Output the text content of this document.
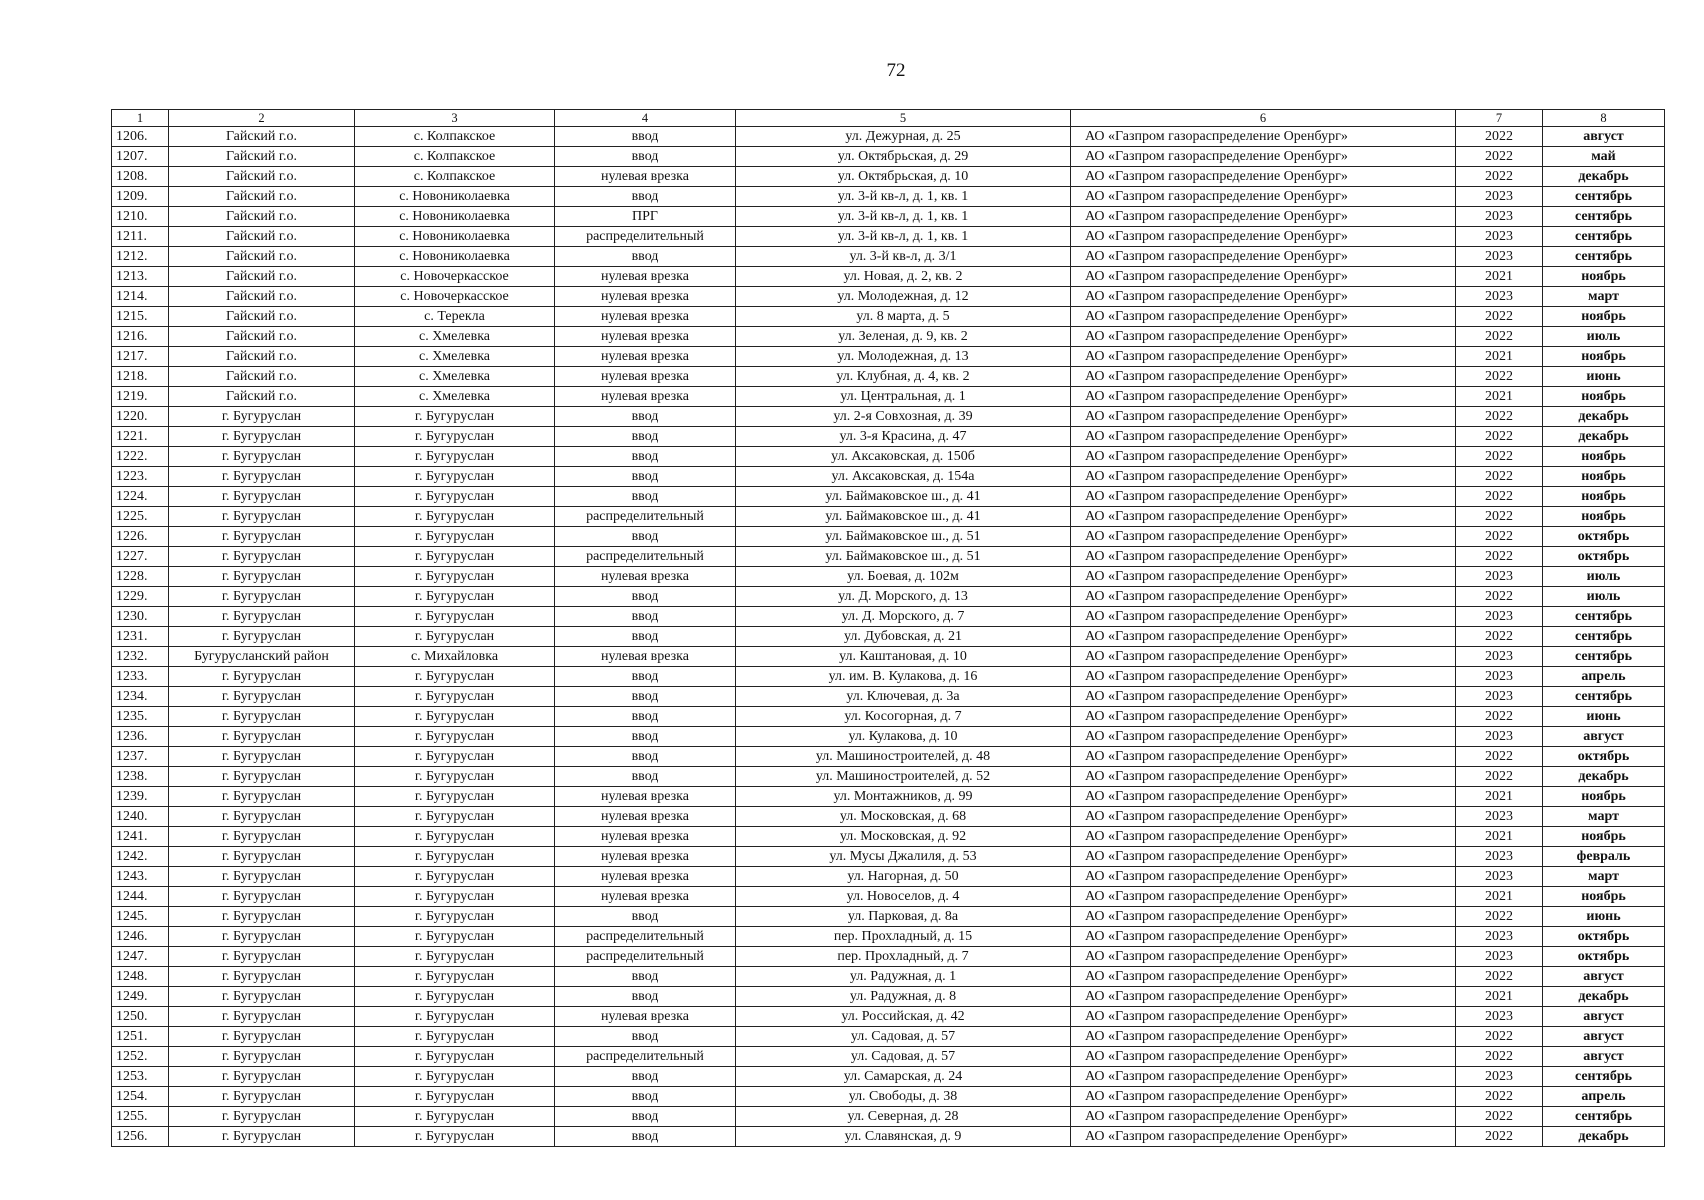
72
1	2	3	4	5	6	7	8
1206.	Гайский г.о.	с. Колпакское	ввод	ул. Дежурная, д. 25	АО «Газпром газораспределение Оренбург»	2022	август
1207.	Гайский г.о.	с. Колпакское	ввод	ул. Октябрьская, д. 29	АО «Газпром газораспределение Оренбург»	2022	май
1208.	Гайский г.о.	с. Колпакское	нулевая врезка	ул. Октябрьская, д. 10	АО «Газпром газораспределение Оренбург»	2022	декабрь
1209.	Гайский г.о.	с. Новониколаевка	ввод	ул. 3-й кв-л, д. 1, кв. 1	АО «Газпром газораспределение Оренбург»	2023	сентябрь
1210.	Гайский г.о.	с. Новониколаевка	ПРГ	ул. 3-й кв-л, д. 1, кв. 1	АО «Газпром газораспределение Оренбург»	2023	сентябрь
1211.	Гайский г.о.	с. Новониколаевка	распределительный	ул. 3-й кв-л, д. 1, кв. 1	АО «Газпром газораспределение Оренбург»	2023	сентябрь
1212.	Гайский г.о.	с. Новониколаевка	ввод	ул. 3-й кв-л, д. 3/1	АО «Газпром газораспределение Оренбург»	2023	сентябрь
1213.	Гайский г.о.	с. Новочеркасское	нулевая врезка	ул. Новая, д. 2, кв. 2	АО «Газпром газораспределение Оренбург»	2021	ноябрь
1214.	Гайский г.о.	с. Новочеркасское	нулевая врезка	ул. Молодежная, д. 12	АО «Газпром газораспределение Оренбург»	2023	март
1215.	Гайский г.о.	с. Терекла	нулевая врезка	ул. 8 марта, д. 5	АО «Газпром газораспределение Оренбург»	2022	ноябрь
1216.	Гайский г.о.	с. Хмелевка	нулевая врезка	ул. Зеленая, д. 9, кв. 2	АО «Газпром газораспределение Оренбург»	2022	июль
1217.	Гайский г.о.	с. Хмелевка	нулевая врезка	ул. Молодежная, д. 13	АО «Газпром газораспределение Оренбург»	2021	ноябрь
1218.	Гайский г.о.	с. Хмелевка	нулевая врезка	ул. Клубная, д. 4, кв. 2	АО «Газпром газораспределение Оренбург»	2022	июнь
1219.	Гайский г.о.	с. Хмелевка	нулевая врезка	ул. Центральная, д. 1	АО «Газпром газораспределение Оренбург»	2021	ноябрь
1220.	г. Бугуруслан	г. Бугуруслан	ввод	ул. 2-я Совхозная, д. 39	АО «Газпром газораспределение Оренбург»	2022	декабрь
1221.	г. Бугуруслан	г. Бугуруслан	ввод	ул. 3-я Красина, д. 47	АО «Газпром газораспределение Оренбург»	2022	декабрь
1222.	г. Бугуруслан	г. Бугуруслан	ввод	ул. Аксаковская, д. 150б	АО «Газпром газораспределение Оренбург»	2022	ноябрь
1223.	г. Бугуруслан	г. Бугуруслан	ввод	ул. Аксаковская, д. 154а	АО «Газпром газораспределение Оренбург»	2022	ноябрь
1224.	г. Бугуруслан	г. Бугуруслан	ввод	ул. Баймаковское ш., д. 41	АО «Газпром газораспределение Оренбург»	2022	ноябрь
1225.	г. Бугуруслан	г. Бугуруслан	распределительный	ул. Баймаковское ш., д. 41	АО «Газпром газораспределение Оренбург»	2022	ноябрь
1226.	г. Бугуруслан	г. Бугуруслан	ввод	ул. Баймаковское ш., д. 51	АО «Газпром газораспределение Оренбург»	2022	октябрь
1227.	г. Бугуруслан	г. Бугуруслан	распределительный	ул. Баймаковское ш., д. 51	АО «Газпром газораспределение Оренбург»	2022	октябрь
1228.	г. Бугуруслан	г. Бугуруслан	нулевая врезка	ул. Боевая, д. 102м	АО «Газпром газораспределение Оренбург»	2023	июль
1229.	г. Бугуруслан	г. Бугуруслан	ввод	ул. Д. Морского, д. 13	АО «Газпром газораспределение Оренбург»	2022	июль
1230.	г. Бугуруслан	г. Бугуруслан	ввод	ул. Д. Морского, д. 7	АО «Газпром газораспределение Оренбург»	2023	сентябрь
1231.	г. Бугуруслан	г. Бугуруслан	ввод	ул. Дубовская, д. 21	АО «Газпром газораспределение Оренбург»	2022	сентябрь
1232.	Бугурусланский район	с. Михайловка	нулевая врезка	ул. Каштановая, д. 10	АО «Газпром газораспределение Оренбург»	2023	сентябрь
1233.	г. Бугуруслан	г. Бугуруслан	ввод	ул. им. В. Кулакова, д. 16	АО «Газпром газораспределение Оренбург»	2023	апрель
1234.	г. Бугуруслан	г. Бугуруслан	ввод	ул. Ключевая, д. 3а	АО «Газпром газораспределение Оренбург»	2023	сентябрь
1235.	г. Бугуруслан	г. Бугуруслан	ввод	ул. Косогорная, д. 7	АО «Газпром газораспределение Оренбург»	2022	июнь
1236.	г. Бугуруслан	г. Бугуруслан	ввод	ул. Кулакова, д. 10	АО «Газпром газораспределение Оренбург»	2023	август
1237.	г. Бугуруслан	г. Бугуруслан	ввод	ул. Машиностроителей, д. 48	АО «Газпром газораспределение Оренбург»	2022	октябрь
1238.	г. Бугуруслан	г. Бугуруслан	ввод	ул. Машиностроителей, д. 52	АО «Газпром газораспределение Оренбург»	2022	декабрь
1239.	г. Бугуруслан	г. Бугуруслан	нулевая врезка	ул. Монтажников, д. 99	АО «Газпром газораспределение Оренбург»	2021	ноябрь
1240.	г. Бугуруслан	г. Бугуруслан	нулевая врезка	ул. Московская, д. 68	АО «Газпром газораспределение Оренбург»	2023	март
1241.	г. Бугуруслан	г. Бугуруслан	нулевая врезка	ул. Московская, д. 92	АО «Газпром газораспределение Оренбург»	2021	ноябрь
1242.	г. Бугуруслан	г. Бугуруслан	нулевая врезка	ул. Мусы Джалиля, д. 53	АО «Газпром газораспределение Оренбург»	2023	февраль
1243.	г. Бугуруслан	г. Бугуруслан	нулевая врезка	ул. Нагорная, д. 50	АО «Газпром газораспределение Оренбург»	2023	март
1244.	г. Бугуруслан	г. Бугуруслан	нулевая врезка	ул. Новоселов, д. 4	АО «Газпром газораспределение Оренбург»	2021	ноябрь
1245.	г. Бугуруслан	г. Бугуруслан	ввод	ул. Парковая, д. 8а	АО «Газпром газораспределение Оренбург»	2022	июнь
1246.	г. Бугуруслан	г. Бугуруслан	распределительный	пер. Прохладный, д. 15	АО «Газпром газораспределение Оренбург»	2023	октябрь
1247.	г. Бугуруслан	г. Бугуруслан	распределительный	пер. Прохладный, д. 7	АО «Газпром газораспределение Оренбург»	2023	октябрь
1248.	г. Бугуруслан	г. Бугуруслан	ввод	ул. Радужная, д. 1	АО «Газпром газораспределение Оренбург»	2022	август
1249.	г. Бугуруслан	г. Бугуруслан	ввод	ул. Радужная, д. 8	АО «Газпром газораспределение Оренбург»	2021	декабрь
1250.	г. Бугуруслан	г. Бугуруслан	нулевая врезка	ул. Российская, д. 42	АО «Газпром газораспределение Оренбург»	2023	август
1251.	г. Бугуруслан	г. Бугуруслан	ввод	ул. Садовая, д. 57	АО «Газпром газораспределение Оренбург»	2022	август
1252.	г. Бугуруслан	г. Бугуруслан	распределительный	ул. Садовая, д. 57	АО «Газпром газораспределение Оренбург»	2022	август
1253.	г. Бугуруслан	г. Бугуруслан	ввод	ул. Самарская, д. 24	АО «Газпром газораспределение Оренбург»	2023	сентябрь
1254.	г. Бугуруслан	г. Бугуруслан	ввод	ул. Свободы, д. 38	АО «Газпром газораспределение Оренбург»	2022	апрель
1255.	г. Бугуруслан	г. Бугуруслан	ввод	ул. Северная, д. 28	АО «Газпром газораспределение Оренбург»	2022	сентябрь
1256.	г. Бугуруслан	г. Бугуруслан	ввод	ул. Славянская, д. 9	АО «Газпром газораспределение Оренбург»	2022	декабрь
